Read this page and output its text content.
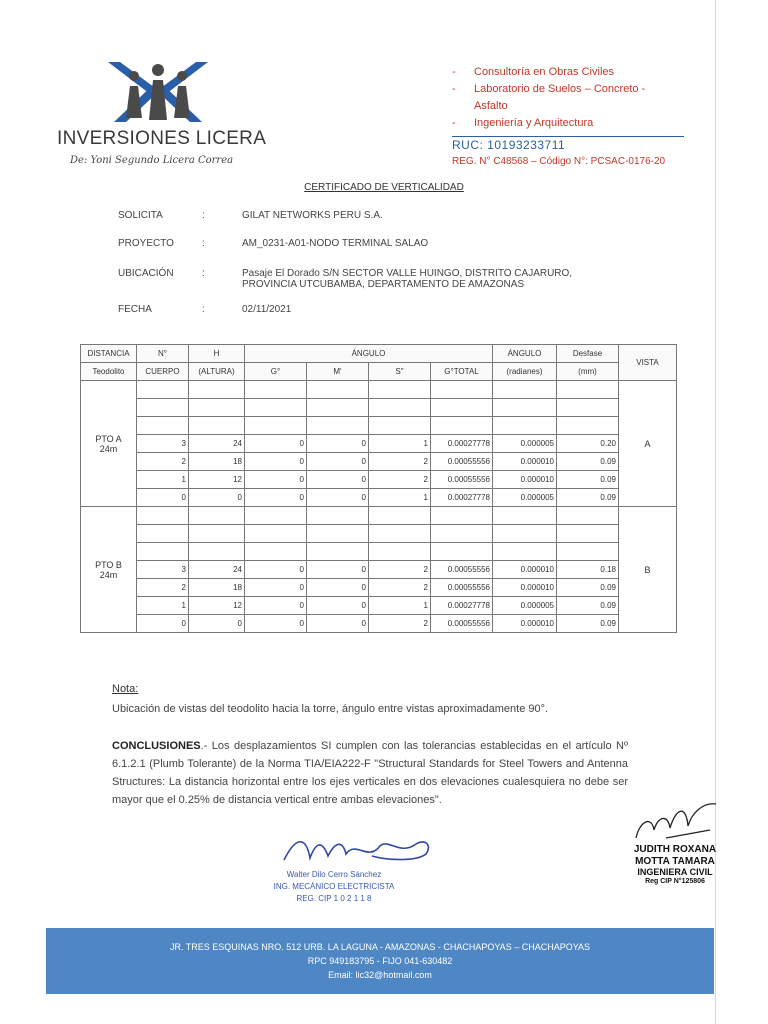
INVERSIONES LICERA
De: Yoni Segundo Licera Correa
- Consultoría en Obras Civiles
- Laboratorio de Suelos – Concreto -
Asfalto
- Ingeniería y Arquitectura
RUC: 10193233711
REG. N° C48568 – Código N°: PCSAC-0176-20
CERTIFICADO DE VERTICALIDAD
SOLICITA	:	GILAT NETWORKS PERU S.A.
PROYECTO	:	AM_0231-A01-NODO TERMINAL SALAO
UBICACIÓN	:	Pasaje El Dorado S/N SECTOR VALLE HUINGO, DISTRITO CAJARURO,
PROVINCIA UTCUBAMBA, DEPARTAMENTO DE AMAZONAS
FECHA	:	02/11/2021
DISTANCIA	N°	H	ÁNGULO				ÁNGULO	Desfase	VISTA
Teodolito	CUERPO	(ALTURA)	G°	M'	S"	G°TOTAL	(radianes)	(mm)	
PTO A
24m									A

	3	24	0	0	1	0.00027778	0.000005	0.20	
	2	18	0	0	2	0.00055556	0.000010	0.09	
	1	12	0	0	2	0.00055556	0.000010	0.09	
	0	0	0	0	1	0.00027778	0.000005	0.09	
PTO B
24m									B

	3	24	0	0	2	0.00055556	0.000010	0.18	
	2	18	0	0	2	0.00055556	0.000010	0.09	
	1	12	0	0	1	0.00027778	0.000005	0.09	
	0	0	0	0	2	0.00055556	0.000010	0.09	
Nota:

Ubicación de vistas del teodolito hacia la torre, ángulo entre vistas aproximadamente 90°.

CONCLUSIONES.- Los desplazamientos SI cumplen con las tolerancias establecidas en el artículo Nº 6.1.2.1 (Plumb Tolerante) de la Norma TIA/EIA222-F "Structural Standards for Steel Towers and Antenna Structures: La distancia horizontal entre los ejes verticales en dos elevaciones cualesquiera no debe ser mayor que el 0.25% de distancia vertical entre ambas elevaciones".

Walter Dilo Cerro Sánchez
ING. MECÁNICO ELECTRICISTA
REG. CIP 1 0 2 1 1 8
JUDITH ROXANA
MOTTA TAMARA
INGENIERA CIVIL
Reg CIP N°125806
JR. TRES ESQUINAS NRO. 512 URB. LA LAGUNA - AMAZONAS - CHACHAPOYAS – CHACHAPOYAS
RPC 949183795 - FIJO 041-630482
Email: lic32@hotmail.com
